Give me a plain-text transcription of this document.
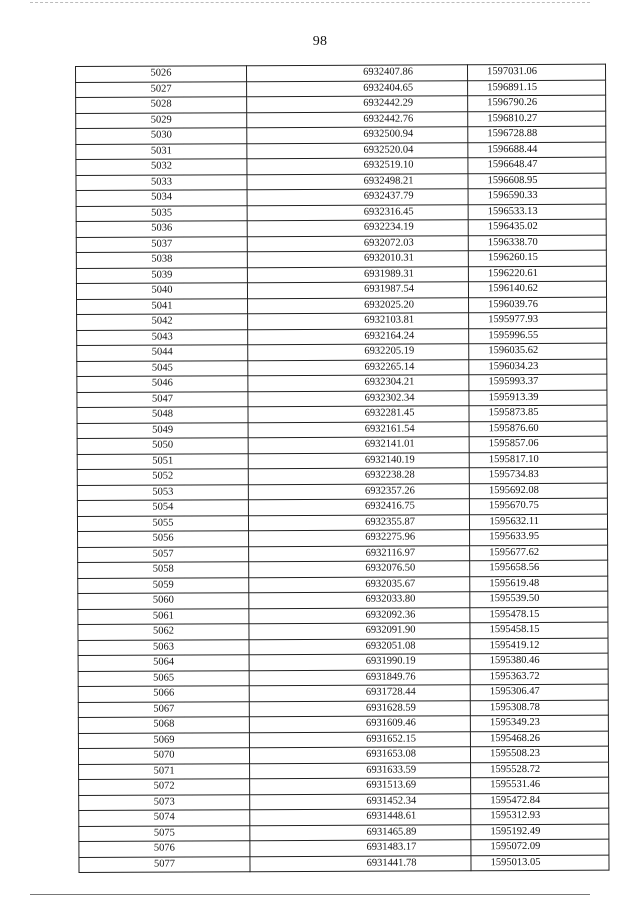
98
5026	6932407.86	1597031.06
5027	6932404.65	1596891.15
5028	6932442.29	1596790.26
5029	6932442.76	1596810.27
5030	6932500.94	1596728.88
5031	6932520.04	1596688.44
5032	6932519.10	1596648.47
5033	6932498.21	1596608.95
5034	6932437.79	1596590.33
5035	6932316.45	1596533.13
5036	6932234.19	1596435.02
5037	6932072.03	1596338.70
5038	6932010.31	1596260.15
5039	6931989.31	1596220.61
5040	6931987.54	1596140.62
5041	6932025.20	1596039.76
5042	6932103.81	1595977.93
5043	6932164.24	1595996.55
5044	6932205.19	1596035.62
5045	6932265.14	1596034.23
5046	6932304.21	1595993.37
5047	6932302.34	1595913.39
5048	6932281.45	1595873.85
5049	6932161.54	1595876.60
5050	6932141.01	1595857.06
5051	6932140.19	1595817.10
5052	6932238.28	1595734.83
5053	6932357.26	1595692.08
5054	6932416.75	1595670.75
5055	6932355.87	1595632.11
5056	6932275.96	1595633.95
5057	6932116.97	1595677.62
5058	6932076.50	1595658.56
5059	6932035.67	1595619.48
5060	6932033.80	1595539.50
5061	6932092.36	1595478.15
5062	6932091.90	1595458.15
5063	6932051.08	1595419.12
5064	6931990.19	1595380.46
5065	6931849.76	1595363.72
5066	6931728.44	1595306.47
5067	6931628.59	1595308.78
5068	6931609.46	1595349.23
5069	6931652.15	1595468.26
5070	6931653.08	1595508.23
5071	6931633.59	1595528.72
5072	6931513.69	1595531.46
5073	6931452.34	1595472.84
5074	6931448.61	1595312.93
5075	6931465.89	1595192.49
5076	6931483.17	1595072.09
5077	6931441.78	1595013.05
